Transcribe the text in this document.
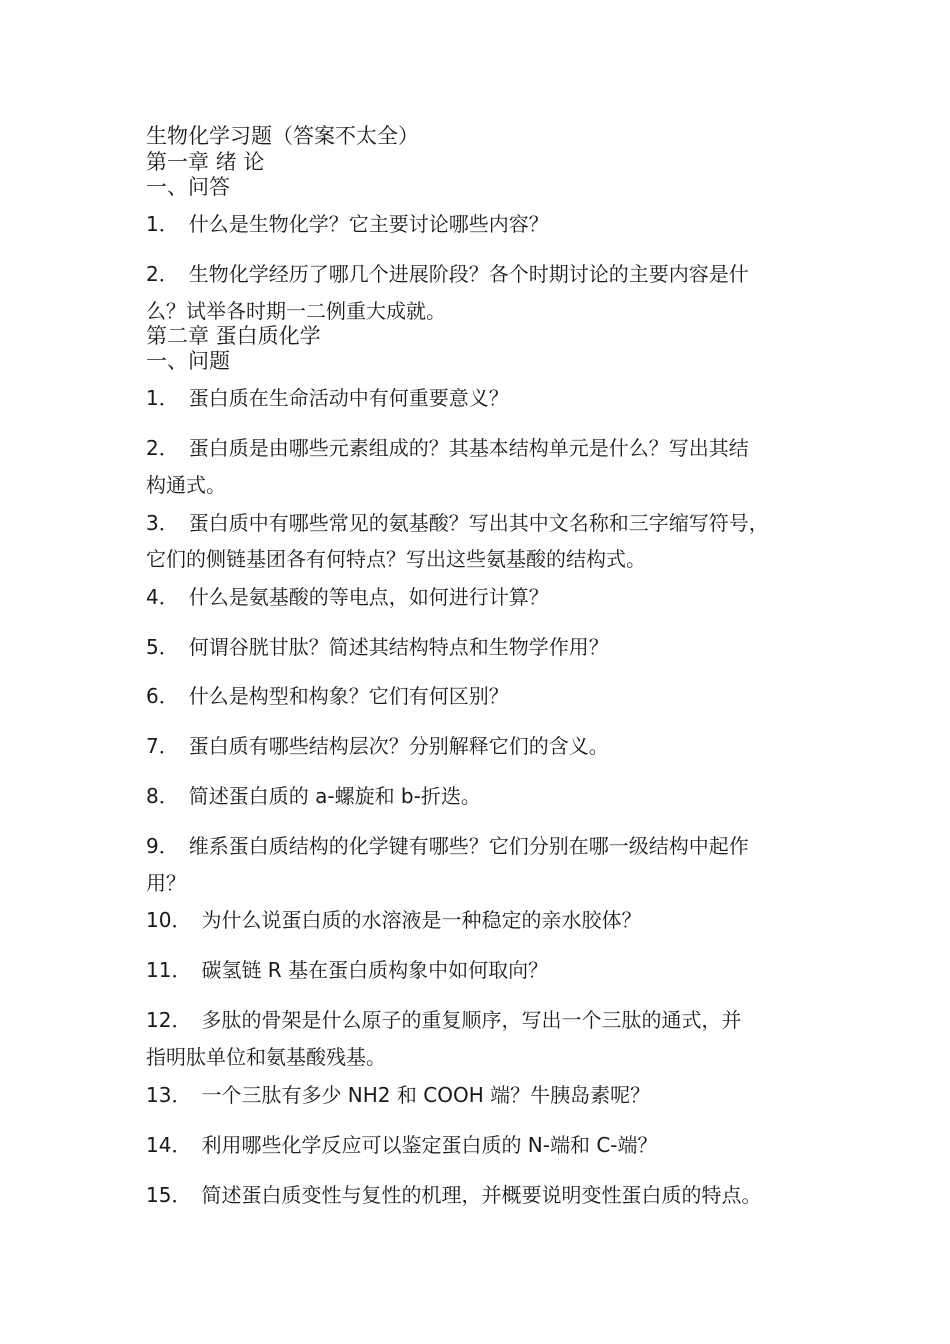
生物化学习题（答案不太全）
第一章 绪 论
一、问答
1． 什么是生物化学？它主要讨论哪些内容？
2． 生物化学经历了哪几个进展阶段？各个时期讨论的主要内容是什
么？试举各时期一二例重大成就。
第二章 蛋白质化学
一、问题
1． 蛋白质在生命活动中有何重要意义？
2． 蛋白质是由哪些元素组成的？其基本结构单元是什么？写出其结
构通式。
3． 蛋白质中有哪些常见的氨基酸？写出其中文名称和三字缩写符号，
它们的侧链基团各有何特点？写出这些氨基酸的结构式。
4． 什么是氨基酸的等电点，如何进行计算？
5． 何谓谷胱甘肽？简述其结构特点和生物学作用？
6． 什么是构型和构象？它们有何区别？
7． 蛋白质有哪些结构层次？分别解释它们的含义。
8． 简述蛋白质的 a-螺旋和 b-折迭。
9． 维系蛋白质结构的化学键有哪些？它们分别在哪一级结构中起作
用？
10． 为什么说蛋白质的水溶液是一种稳定的亲水胶体？
11． 碳氢链 R 基在蛋白质构象中如何取向？
12． 多肽的骨架是什么原子的重复顺序，写出一个三肽的通式，并
指明肽单位和氨基酸残基。
13． 一个三肽有多少 NH2 和 COOH 端？牛胰岛素呢？
14． 利用哪些化学反应可以鉴定蛋白质的 N-端和 C-端？
15． 简述蛋白质变性与复性的机理，并概要说明变性蛋白质的特点。
